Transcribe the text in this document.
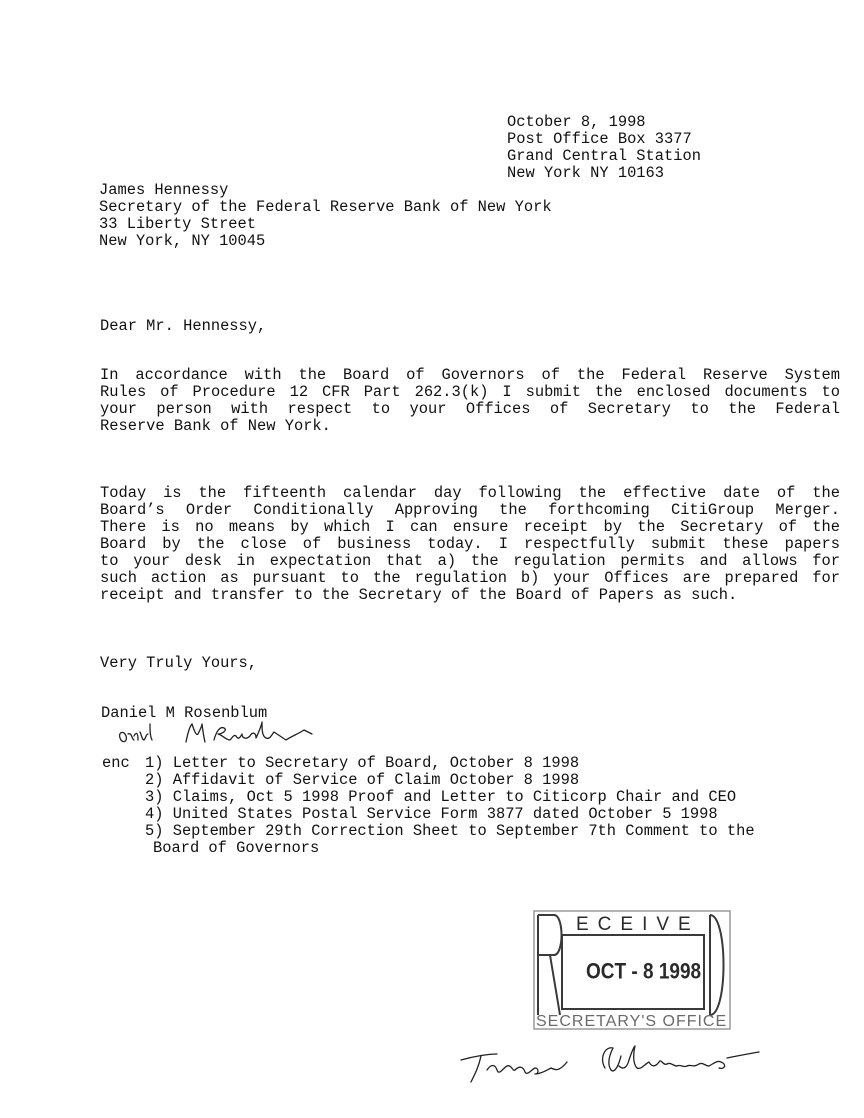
October 8, 1998
Post Office Box 3377
Grand Central Station
New York NY 10163
James Hennessy
Secretary of the Federal Reserve Bank of New York
33 Liberty Street
New York, NY 10045
Dear Mr. Hennessy,
In accordance with the Board of Governors of the Federal Reserve System
Rules of Procedure 12 CFR Part 262.3(k) I submit the enclosed documents to
your person with respect to your Offices of Secretary to the Federal
Reserve Bank of New York.
Today is the fifteenth calendar day following the effective date of the
Board’s Order Conditionally Approving the forthcoming CitiGroup Merger.
There is no means by which I can ensure receipt by the Secretary of the
Board by the close of business today. I respectfully submit these papers
to your desk in expectation that a) the regulation permits and allows for
such action as pursuant to the regulation b) your Offices are prepared for
receipt and transfer to the Secretary of the Board of Papers as such.
Very Truly Yours,
Daniel M Rosenblum
enc 1) Letter to Secretary of Board, October 8 1998
2) Affidavit of Service of Claim October 8 1998
3) Claims, Oct 5 1998 Proof and Letter to Citicorp Chair and CEO
4) United States Postal Service Form 3877 dated October 5 1998
5) September 29th Correction Sheet to September 7th Comment to the
Board of Governors
ECEIVE
OCT - 8 1998
SECRETARY'S OFFICE
